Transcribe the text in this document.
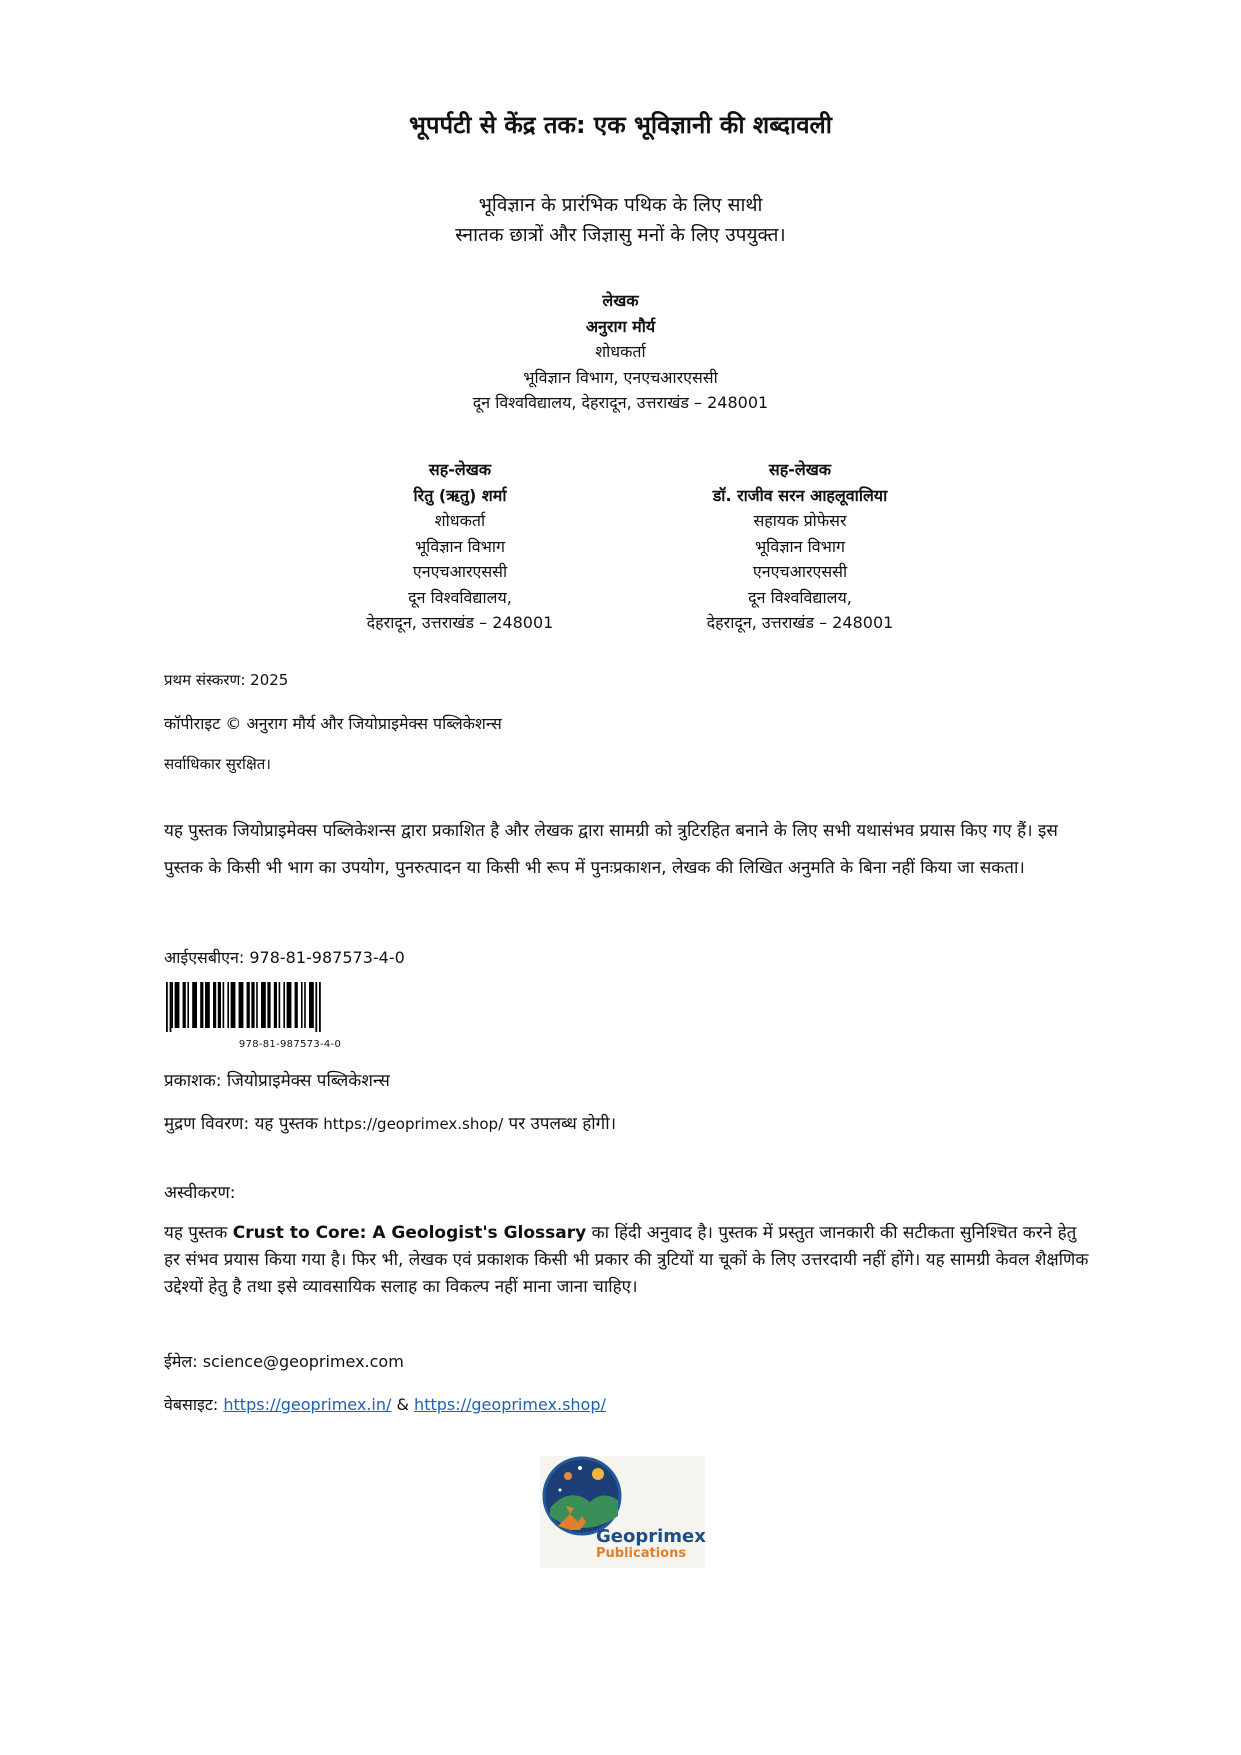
भूपर्पटी से केंद्र तक: एक भूविज्ञानी की शब्दावली
भूविज्ञान के प्रारंभिक पथिक के लिए साथी
स्नातक छात्रों और जिज्ञासु मनों के लिए उपयुक्त।
लेखक
अनुराग मौर्य
शोधकर्ता
भूविज्ञान विभाग, एनएचआरएससी
दून विश्वविद्यालय, देहरादून, उत्तराखंड – 248001
सह-लेखक
रितु (ऋतु) शर्मा
शोधकर्ता
भूविज्ञान विभाग
एनएचआरएससी
दून विश्वविद्यालय,
देहरादून, उत्तराखंड – 248001
सह-लेखक
डॉ. राजीव सरन आहलूवालिया
सहायक प्रोफेसर
भूविज्ञान विभाग
एनएचआरएससी
दून विश्वविद्यालय,
देहरादून, उत्तराखंड – 248001
प्रथम संस्करण: 2025
कॉपीराइट © अनुराग मौर्य और जियोप्राइमेक्स पब्लिकेशन्स
सर्वाधिकार सुरक्षित।
यह पुस्तक जियोप्राइमेक्स पब्लिकेशन्स द्वारा प्रकाशित है और लेखक द्वारा सामग्री को त्रुटिरहित बनाने के लिए सभी यथासंभव प्रयास किए गए हैं। इस पुस्तक के किसी भी भाग का उपयोग, पुनरुत्पादन या किसी भी रूप में पुनःप्रकाशन, लेखक की लिखित अनुमति के बिना नहीं किया जा सकता।
आईएसबीएन: 978-81-987573-4-0
978-81-987573-4-0
प्रकाशक: जियोप्राइमेक्स पब्लिकेशन्स
मुद्रण विवरण: यह पुस्तक https://geoprimex.shop/ पर उपलब्ध होगी।
अस्वीकरण:
यह पुस्तक Crust to Core: A Geologist's Glossary का हिंदी अनुवाद है। पुस्तक में प्रस्तुत जानकारी की सटीकता सुनिश्चित करने हेतु हर संभव प्रयास किया गया है। फिर भी, लेखक एवं प्रकाशक किसी भी प्रकार की त्रुटियों या चूकों के लिए उत्तरदायी नहीं होंगे। यह सामग्री केवल शैक्षणिक उद्देश्यों हेतु है तथा इसे व्यावसायिक सलाह का विकल्प नहीं माना जाना चाहिए।
ईमेल: science@geoprimex.com
वेबसाइट: https://geoprimex.in/ & https://geoprimex.shop/
Geoprimex
Publications
